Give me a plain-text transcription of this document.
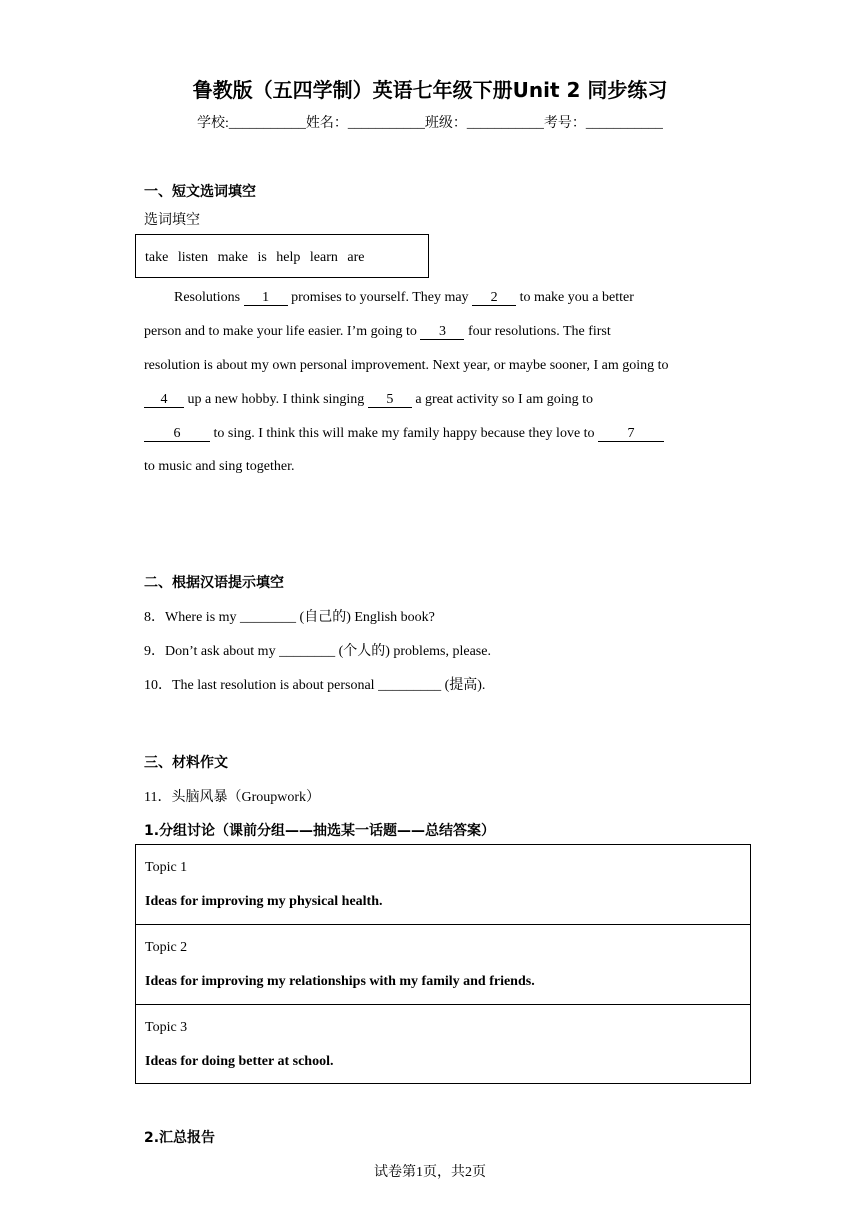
鲁教版（五四学制）英语七年级下册Unit 2 同步练习
学校:___________姓名：___________班级：___________考号：___________
一、短文选词填空
选词填空
take listen make is help learn are
Resolutions 1 promises to yourself. They may 2 to make you a better
person and to make your life easier. I’m going to 3 four resolutions. The first
resolution is about my own personal improvement. Next year, or maybe sooner, I am going to
4 up a new hobby. I think singing 5 a great activity so I am going to
6 to sing. I think this will make my family happy because they love to 7
to music and sing together.
二、根据汉语提示填空
8．Where is my ________ (自己的) English book?
9．Don’t ask about my ________ (个人的) problems, please.
10．The last resolution is about personal _________ (提高).
三、材料作文
11．头脑风暴（Groupwork）
1.分组讨论（课前分组——抽选某一话题——总结答案）
Topic 1
Ideas for improving my physical health.
Topic 2
Ideas for improving my relationships with my family and friends.
Topic 3
Ideas for doing better at school.
2.汇总报告
试卷第1页，共2页
